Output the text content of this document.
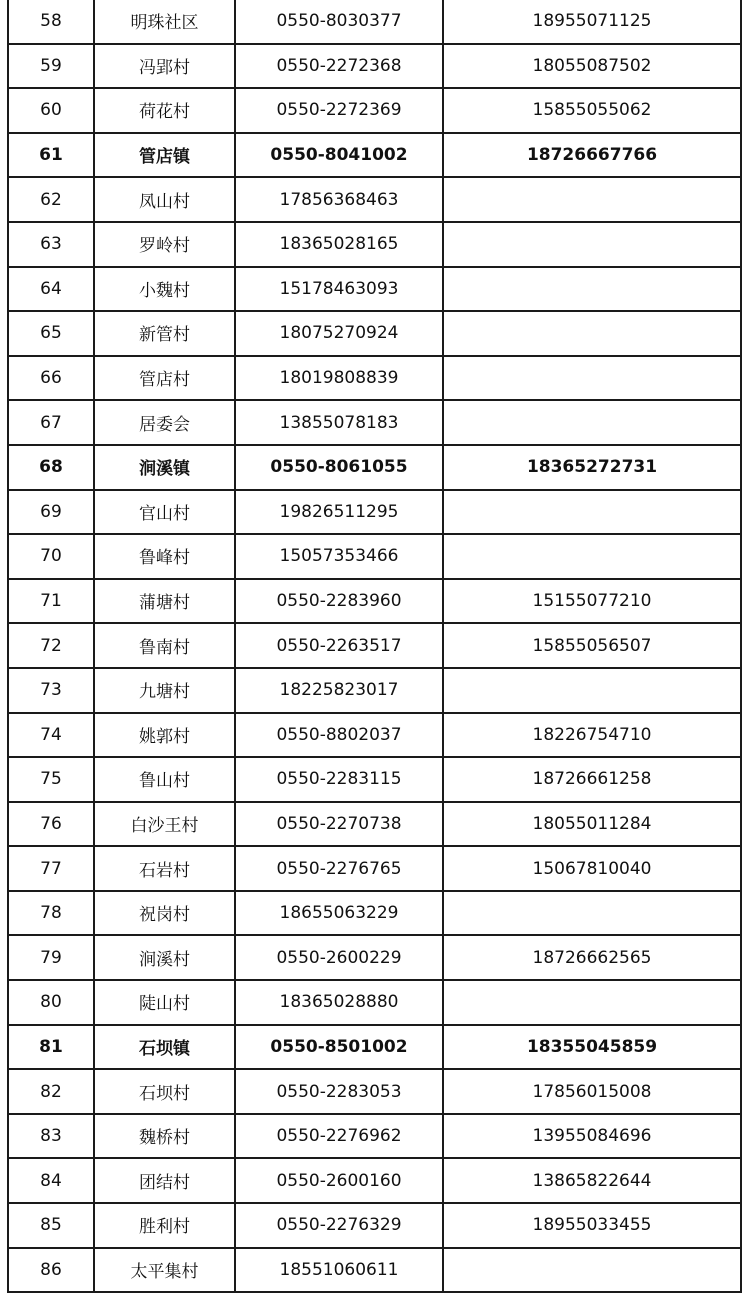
58	明珠社区	0550-8030377	18955071125
59	冯郢村	0550-2272368	18055087502
60	荷花村	0550-2272369	15855055062
61	管店镇	0550-8041002	18726667766
62	凤山村	17856368463	
63	罗岭村	18365028165	
64	小魏村	15178463093	
65	新管村	18075270924	
66	管店村	18019808839	
67	居委会	13855078183	
68	涧溪镇	0550-8061055	18365272731
69	官山村	19826511295	
70	鲁峰村	15057353466	
71	蒲塘村	0550-2283960	15155077210
72	鲁南村	0550-2263517	15855056507
73	九塘村	18225823017	
74	姚郭村	0550-8802037	18226754710
75	鲁山村	0550-2283115	18726661258
76	白沙王村	0550-2270738	18055011284
77	石岩村	0550-2276765	15067810040
78	祝岗村	18655063229	
79	涧溪村	0550-2600229	18726662565
80	陡山村	18365028880	
81	石坝镇	0550-8501002	18355045859
82	石坝村	0550-2283053	17856015008
83	魏桥村	0550-2276962	13955084696
84	团结村	0550-2600160	13865822644
85	胜利村	0550-2276329	18955033455
86	太平集村	18551060611	
